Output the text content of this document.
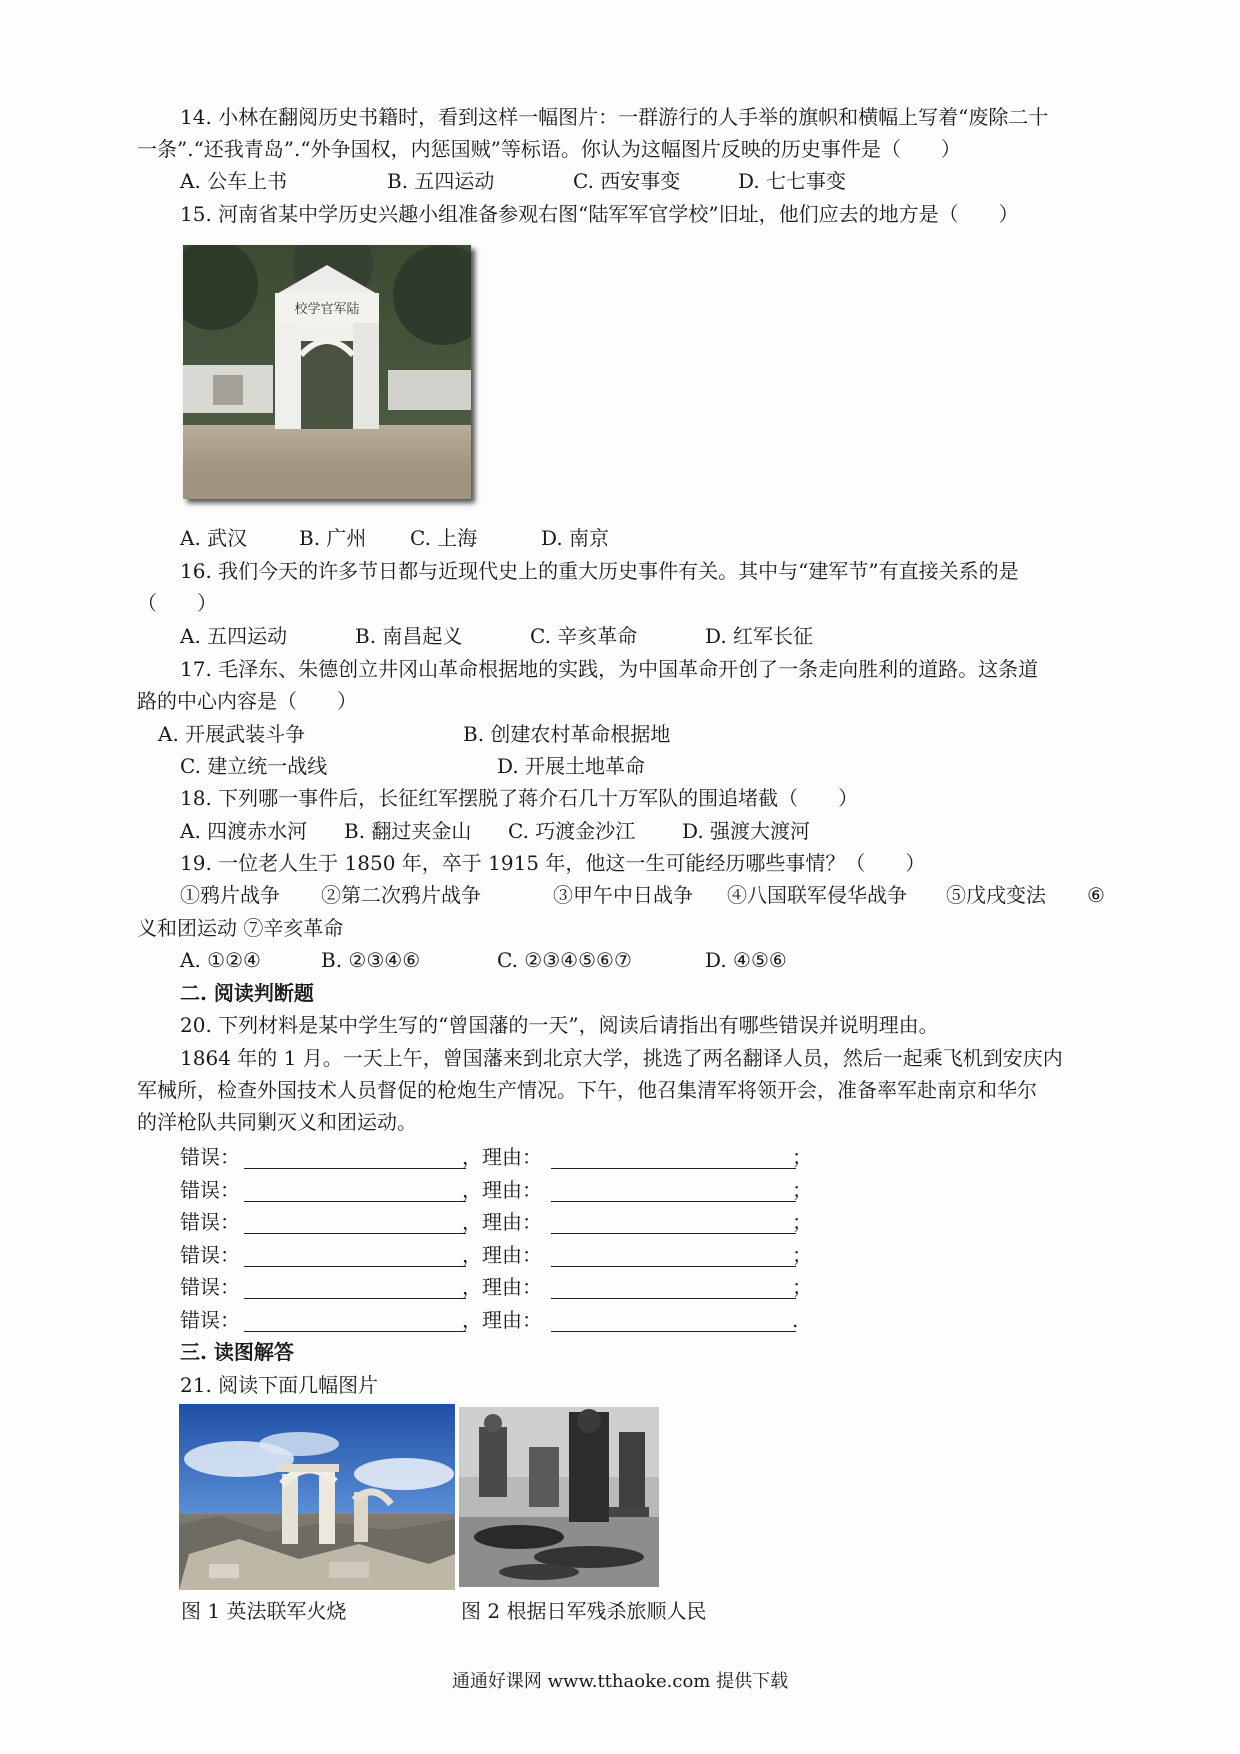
14. 小林在翻阅历史书籍时，看到这样一幅图片：一群游行的人手举的旗帜和横幅上写着“废除二十
一条”.“还我青岛”.“外争国权，内惩国贼”等标语。你认为这幅图片反映的历史事件是（　　）
A. 公车上书	B. 五四运动	C. 西安事变	D. 七七事变
15. 河南省某中学历史兴趣小组准备参观右图“陆军军官学校”旧址，他们应去的地方是（　　）
校学官军陆
A. 武汉	B. 广州 C. 上海	D. 南京
16. 我们今天的许多节日都与近现代史上的重大历史事件有关。其中与“建军节”有直接关系的是
（　　）
A. 五四运动	B. 南昌起义	C. 辛亥革命	D. 红军长征
17. 毛泽东、朱德创立井冈山革命根据地的实践，为中国革命开创了一条走向胜利的道路。这条道
路的中心内容是（　　）
A. 开展武装斗争	B. 创建农村革命根据地
C. 建立统一战线	D. 开展土地革命
18. 下列哪一事件后，长征红军摆脱了蒋介石几十万军队的围追堵截（　　）
A. 四渡赤水河 B. 翻过夹金山 C. 巧渡金沙江 D. 强渡大渡河
19. 一位老人生于 1850 年，卒于 1915 年，他这一生可能经历哪些事情？（　　）
①鸦片战争 ②第二次鸦片战争	③甲午中日战争 ④八国联军侵华战争 ⑤戊戌变法 ⑥
义和团运动 ⑦辛亥革命
A. ①②④	B. ②③④⑥	C. ②③④⑤⑥⑦	D. ④⑤⑥
二. 阅读判断题
20. 下列材料是某中学生写的“曾国藩的一天”，阅读后请指出有哪些错误并说明理由。
1864 年的 1 月。一天上午，曾国藩来到北京大学，挑选了两名翻译人员，然后一起乘飞机到安庆内
军械所，检查外国技术人员督促的枪炮生产情况。下午，他召集清军将领开会，准备率军赴南京和华尔
的洋枪队共同剿灭义和团运动。
错误：	，理由：	；
错误：	，理由：	；
错误：	，理由：	；
错误：	，理由：	；
错误：	，理由：	；
错误：	，理由：	.
三. 读图解答
21. 阅读下面几幅图片
图 1 英法联军火烧	图 2 根据日军残杀旅顺人民
通通好课网 www.tthaoke.com 提供下载
